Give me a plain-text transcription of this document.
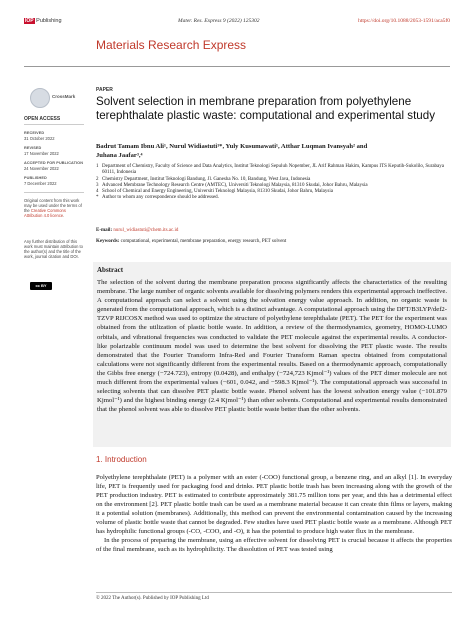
IOP Publishing	Mater. Res. Express 9 (2022) 125302	https://doi.org/10.1088/2053-1591/aca5f0
Materials Research Express
CrossMark
OPEN ACCESS
RECEIVED
31 October 2022
REVISED
17 November 2022
ACCEPTED FOR PUBLICATION
24 November 2022
PUBLISHED
7 December 2022
Original content from this work may be used under the terms of the Creative Commons Attribution 4.0 licence.
Any further distribution of this work must maintain attribution to the author(s) and the title of the work, journal citation and DOI.
cc BY
PAPER
Solvent selection in membrane preparation from polyethylene terephthalate plastic waste: computational and experimental study
Badrut Tamam Ibnu Ali¹, Nurul Widiastuti¹*, Yuly Kusumawati¹, Atthar Luqman Ivansyah² and
Juhana Jaafar³,⁴
1 Department of Chemistry, Faculty of Science and Data Analytics, Institut Teknologi Sepuluh Nopember, JL Arif Rahman Hakim, Kampus ITS Keputih-Sukolilo, Surabaya 60111, Indonesia
2 Chemistry Department, Institut Teknologi Bandung, Jl. Ganesha No. 10, Bandung, West Java, Indonesia
3 Advanced Membrane Technology Research Centre (AMTEC), Universiti Teknologi Malaysia, 81310 Skudai, Johor Bahru, Malaysia
4 School of Chemical and Energy Engineering, Universiti Teknologi Malaysia, 81310 Skudai, Johor Bahru, Malaysia
* Author to whom any correspondence should be addressed.
E-mail: nurul_widiastuti@chem.its.ac.id
Keywords: computational, experimental, membrane preparation, energy research, PET solvent
Abstract
The selection of the solvent during the membrane preparation process significantly affects the characteristics of the resulting membrane. The large number of organic solvents available for dissolving polymers renders this experimental approach ineffective. A computational approach can select a solvent using the solvation energy value approach. In addition, no organic waste is generated from the computational approach, which is a distinct advantage. A computational approach using the DFT/B3LYP/def2-TZVP RIJCOSX method was used to optimize the structure of polyethylene terephthalate (PET). The PET for the experiment was obtained from the utilization of plastic bottle waste. In addition, a review of the thermodynamics, geometry, HOMO-LUMO orbitals, and vibrational frequencies was conducted to validate the PET molecule against the experimental results. A conductor-like polarizable continuum model was used to determine the best solvent for dissolving the PET plastic waste. The results demonstrated that the Fourier Transform Infra-Red and Fourier Transform Raman spectra obtained from computational calculations were not significantly different from the experimental results. Based on a thermodynamic approach, computationally the Gibbs free energy (−724.723), entropy (0.0428), and enthalpy (−724,723 Kjmol⁻¹) values of the PET dimer molecule are not much different from the experimental values (−601, 0.042, and −598.3 Kjmol⁻¹). The computational approach was successful in selecting solvents that can dissolve PET plastic bottle waste. Phenol solvent has the lowest solvation energy value (−101.879 Kjmol⁻¹) and the highest binding energy (2.4 Kjmol⁻¹) than other solvents. Computational and experimental results demonstrated that the phenol solvent was able to dissolve PET plastic bottle waste better than the other solvents.
1. Introduction

Polyethylene terephthalate (PET) is a polymer with an ester (-COO) functional group, a benzene ring, and an alkyl [1]. In everyday life, PET is frequently used for packaging food and drinks. PET plastic bottle trash has been increasing along with the growth of the PET production industry. PET is estimated to contribute approximately 381.75 million tons per year, and this has a detrimental effect on the environment [2]. PET plastic bottle trash can be used as a membrane material because it can create thin films or layers, making it a potential solution (membranes). Additionally, this method can prevent the environmental contamination caused by the increasing volume of plastic bottle waste that cannot be degraded. Few studies have used PET plastic bottle waste as a membrane. Although PET has hydrophilic functional groups (-CO, -COO, and -O), it has the potential to produce high water flux in the membrane.

In the process of preparing the membrane, using an effective solvent for dissolving PET is crucial because it affects the properties of the final membrane, such as its hydrophilicity. The dissolution of PET was tested using

© 2022 The Author(s). Published by IOP Publishing Ltd
